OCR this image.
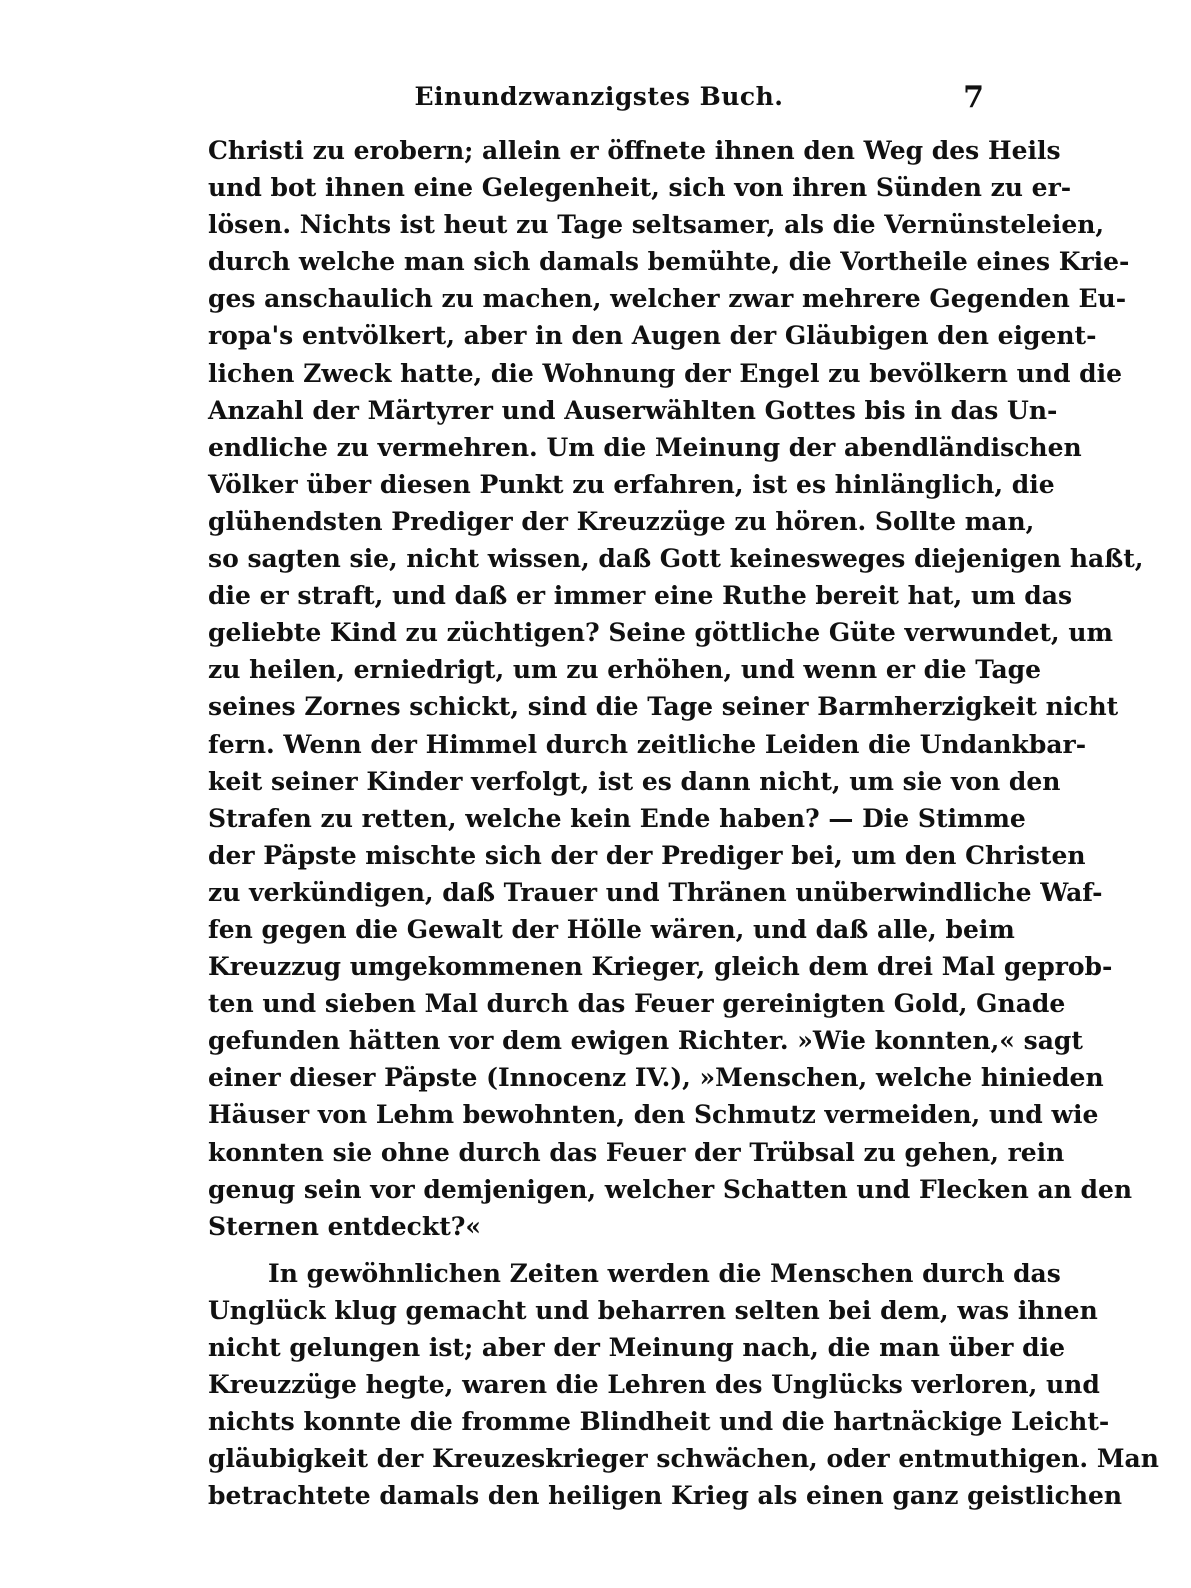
Einundzwanzigstes Buch.	7
Christi zu erobern; allein er öffnete ihnen den Weg des Heils
und bot ihnen eine Gelegenheit, sich von ihren Sünden zu er-
lösen. Nichts ist heut zu Tage seltsamer, als die Vernünsteleien,
durch welche man sich damals bemühte, die Vortheile eines Krie-
ges anschaulich zu machen, welcher zwar mehrere Gegenden Eu-
ropa's entvölkert, aber in den Augen der Gläubigen den eigent-
lichen Zweck hatte, die Wohnung der Engel zu bevölkern und die
Anzahl der Märtyrer und Auserwählten Gottes bis in das Un-
endliche zu vermehren. Um die Meinung der abendländischen
Völker über diesen Punkt zu erfahren, ist es hinlänglich, die
glühendsten Prediger der Kreuzzüge zu hören. Sollte man,
so sagten sie, nicht wissen, daß Gott keinesweges diejenigen haßt,
die er straft, und daß er immer eine Ruthe bereit hat, um das
geliebte Kind zu züchtigen? Seine göttliche Güte verwundet, um
zu heilen, erniedrigt, um zu erhöhen, und wenn er die Tage
seines Zornes schickt, sind die Tage seiner Barmherzigkeit nicht
fern. Wenn der Himmel durch zeitliche Leiden die Undankbar-
keit seiner Kinder verfolgt, ist es dann nicht, um sie von den
Strafen zu retten, welche kein Ende haben? — Die Stimme
der Päpste mischte sich der der Prediger bei, um den Christen
zu verkündigen, daß Trauer und Thränen unüberwindliche Waf-
fen gegen die Gewalt der Hölle wären, und daß alle, beim
Kreuzzug umgekommenen Krieger, gleich dem drei Mal geprob-
ten und sieben Mal durch das Feuer gereinigten Gold, Gnade
gefunden hätten vor dem ewigen Richter. »Wie konnten,« sagt
einer dieser Päpste (Innocenz IV.), »Menschen, welche hinieden
Häuser von Lehm bewohnten, den Schmutz vermeiden, und wie
konnten sie ohne durch das Feuer der Trübsal zu gehen, rein
genug sein vor demjenigen, welcher Schatten und Flecken an den
Sternen entdeckt?«
In gewöhnlichen Zeiten werden die Menschen durch das
Unglück klug gemacht und beharren selten bei dem, was ihnen
nicht gelungen ist; aber der Meinung nach, die man über die
Kreuzzüge hegte, waren die Lehren des Unglücks verloren, und
nichts konnte die fromme Blindheit und die hartnäckige Leicht-
gläubigkeit der Kreuzeskrieger schwächen, oder entmuthigen. Man
betrachtete damals den heiligen Krieg als einen ganz geistlichen
